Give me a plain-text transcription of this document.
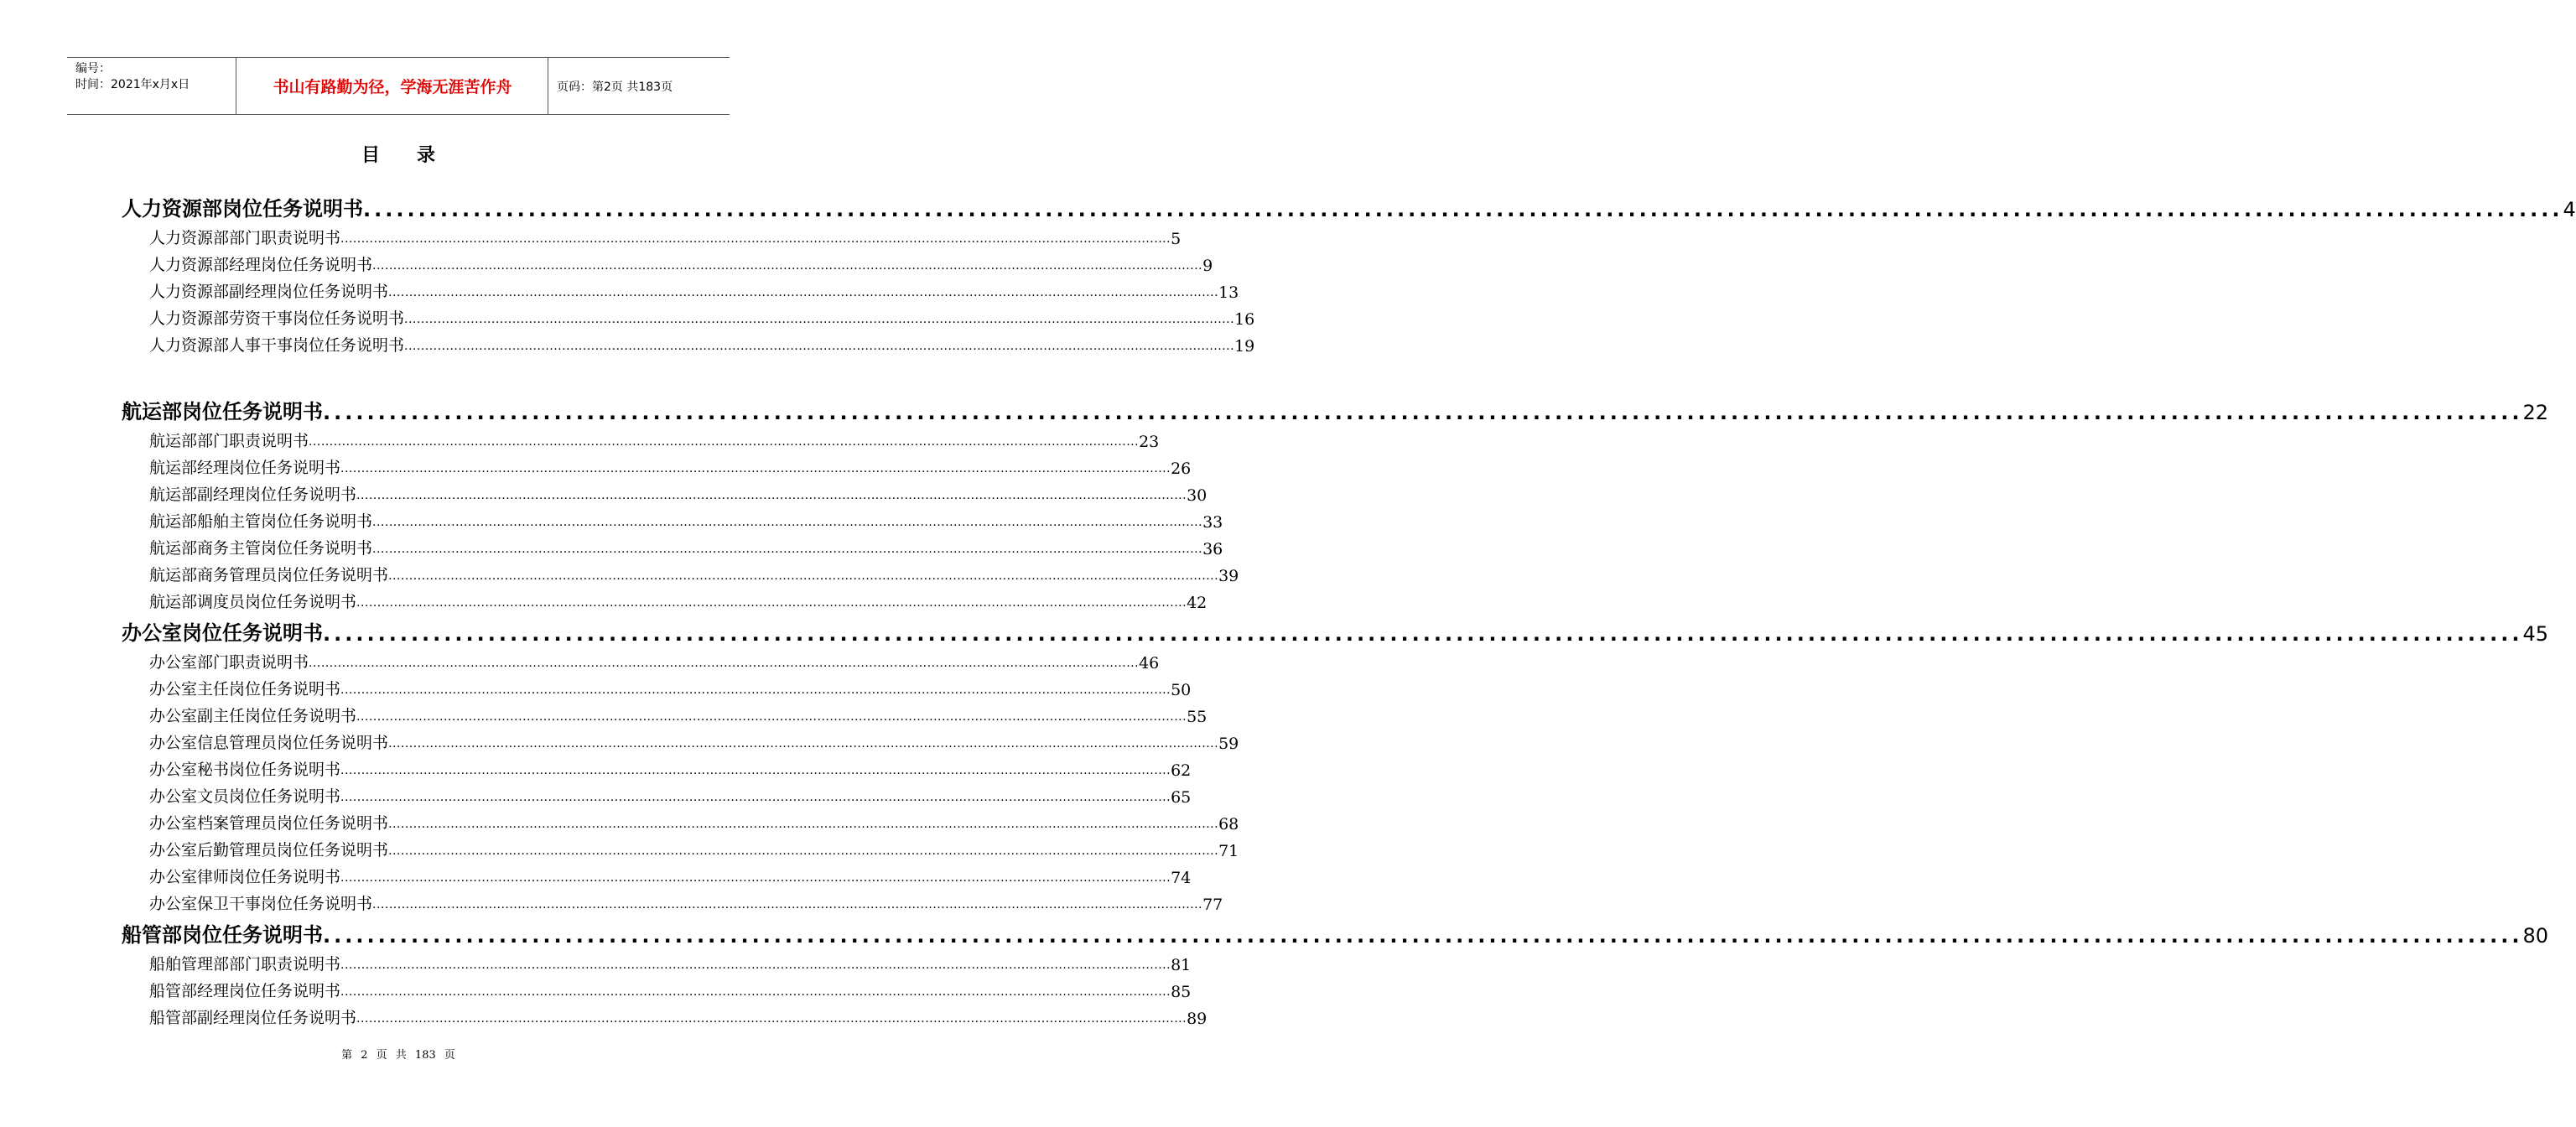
编号：
时间：2021年x月x日	书山有路勤为径，学海无涯苦作舟	页码：第2页 共183页
目 录
人力资源部岗位任务说明书 ........................................................................................................................................................................................................ 4
人力资源部部门职责说明书 ........................................................................................................................................................................................................ 5
人力资源部经理岗位任务说明书 ........................................................................................................................................................................................................ 9
人力资源部副经理岗位任务说明书 ........................................................................................................................................................................................................ 13
人力资源部劳资干事岗位任务说明书 ........................................................................................................................................................................................................ 16
人力资源部人事干事岗位任务说明书 ........................................................................................................................................................................................................ 19
航运部岗位任务说明书 ........................................................................................................................................................................................................ 22
航运部部门职责说明书 ........................................................................................................................................................................................................ 23
航运部经理岗位任务说明书 ........................................................................................................................................................................................................ 26
航运部副经理岗位任务说明书 ........................................................................................................................................................................................................ 30
航运部船舶主管岗位任务说明书 ........................................................................................................................................................................................................ 33
航运部商务主管岗位任务说明书 ........................................................................................................................................................................................................ 36
航运部商务管理员岗位任务说明书 ........................................................................................................................................................................................................ 39
航运部调度员岗位任务说明书 ........................................................................................................................................................................................................ 42
办公室岗位任务说明书 ........................................................................................................................................................................................................ 45
办公室部门职责说明书 ........................................................................................................................................................................................................ 46
办公室主任岗位任务说明书 ........................................................................................................................................................................................................ 50
办公室副主任岗位任务说明书 ........................................................................................................................................................................................................ 55
办公室信息管理员岗位任务说明书 ........................................................................................................................................................................................................ 59
办公室秘书岗位任务说明书 ........................................................................................................................................................................................................ 62
办公室文员岗位任务说明书 ........................................................................................................................................................................................................ 65
办公室档案管理员岗位任务说明书 ........................................................................................................................................................................................................ 68
办公室后勤管理员岗位任务说明书 ........................................................................................................................................................................................................ 71
办公室律师岗位任务说明书 ........................................................................................................................................................................................................ 74
办公室保卫干事岗位任务说明书 ........................................................................................................................................................................................................ 77
船管部岗位任务说明书 ........................................................................................................................................................................................................ 80
船舶管理部部门职责说明书 ........................................................................................................................................................................................................ 81
船管部经理岗位任务说明书 ........................................................................................................................................................................................................ 85
船管部副经理岗位任务说明书 ........................................................................................................................................................................................................ 89
第 2 页 共 183 页
